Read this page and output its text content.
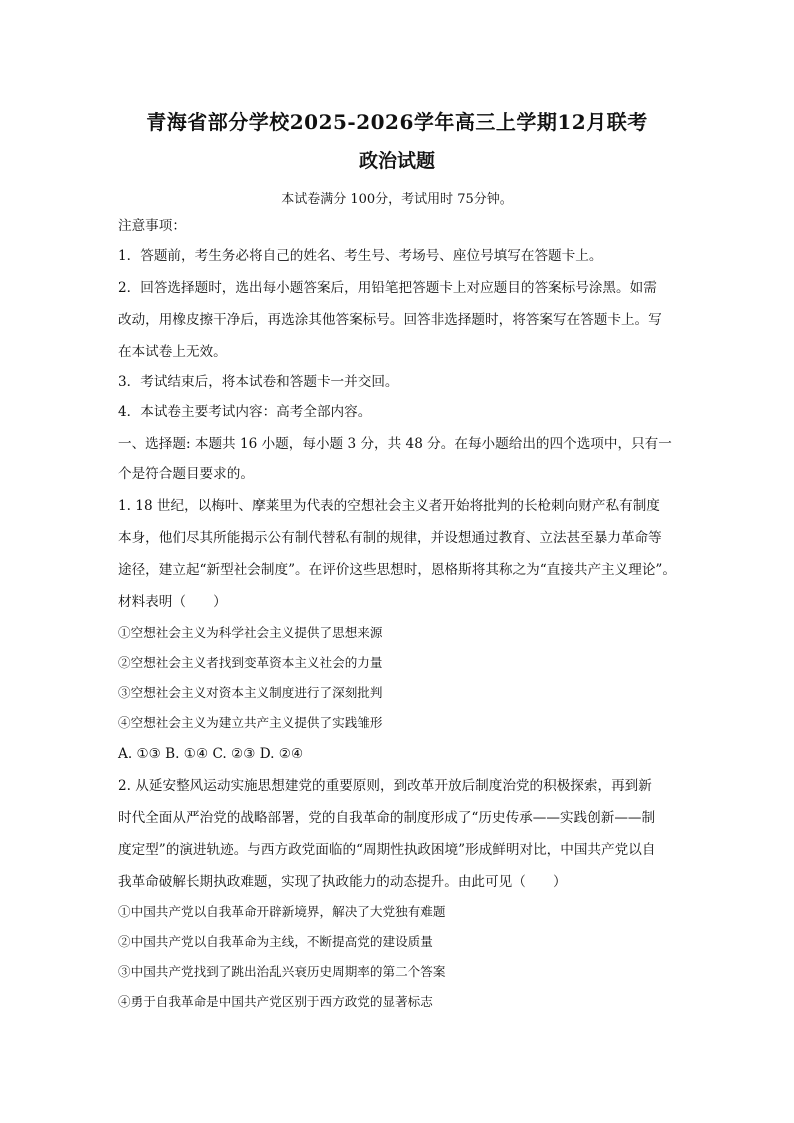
青海省部分学校2025-2026学年高三上学期12月联考
政治试题
本试卷满分 100分，考试用时 75分钟。
注意事项：
1．答题前，考生务必将自己的姓名、考生号、考场号、座位号填写在答题卡上。
2．回答选择题时，选出每小题答案后，用铅笔把答题卡上对应题目的答案标号涂黑。如需
改动，用橡皮擦干净后，再选涂其他答案标号。回答非选择题时，将答案写在答题卡上。写
在本试卷上无效。
3．考试结束后，将本试卷和答题卡一并交回。
4．本试卷主要考试内容：高考全部内容。
一、选择题: 本题共 16 小题，每小题 3 分，共 48 分。在每小题给出的四个选项中，只有一
个是符合题目要求的。
1. 18 世纪，以梅叶、摩莱里为代表的空想社会主义者开始将批判的长枪刺向财产私有制度
本身，他们尽其所能揭示公有制代替私有制的规律，并设想通过教育、立法甚至暴力革命等
途径，建立起“新型社会制度”。在评价这些思想时，恩格斯将其称之为“直接共产主义理论”。
材料表明（　　）
①空想社会主义为科学社会主义提供了思想来源
②空想社会主义者找到变革资本主义社会的力量
③空想社会主义对资本主义制度进行了深刻批判
④空想社会主义为建立共产主义提供了实践雏形
A. ①③ B. ①④ C. ②③ D. ②④
2. 从延安整风运动实施思想建党的重要原则，到改革开放后制度治党的积极探索，再到新
时代全面从严治党的战略部署，党的自我革命的制度形成了“历史传承——实践创新——制
度定型”的演进轨迹。与西方政党面临的“周期性执政困境”形成鲜明对比，中国共产党以自
我革命破解长期执政难题，实现了执政能力的动态提升。由此可见（　　）
①中国共产党以自我革命开辟新境界，解决了大党独有难题
②中国共产党以自我革命为主线，不断提高党的建设质量
③中国共产党找到了跳出治乱兴衰历史周期率的第二个答案
④勇于自我革命是中国共产党区别于西方政党的显著标志
